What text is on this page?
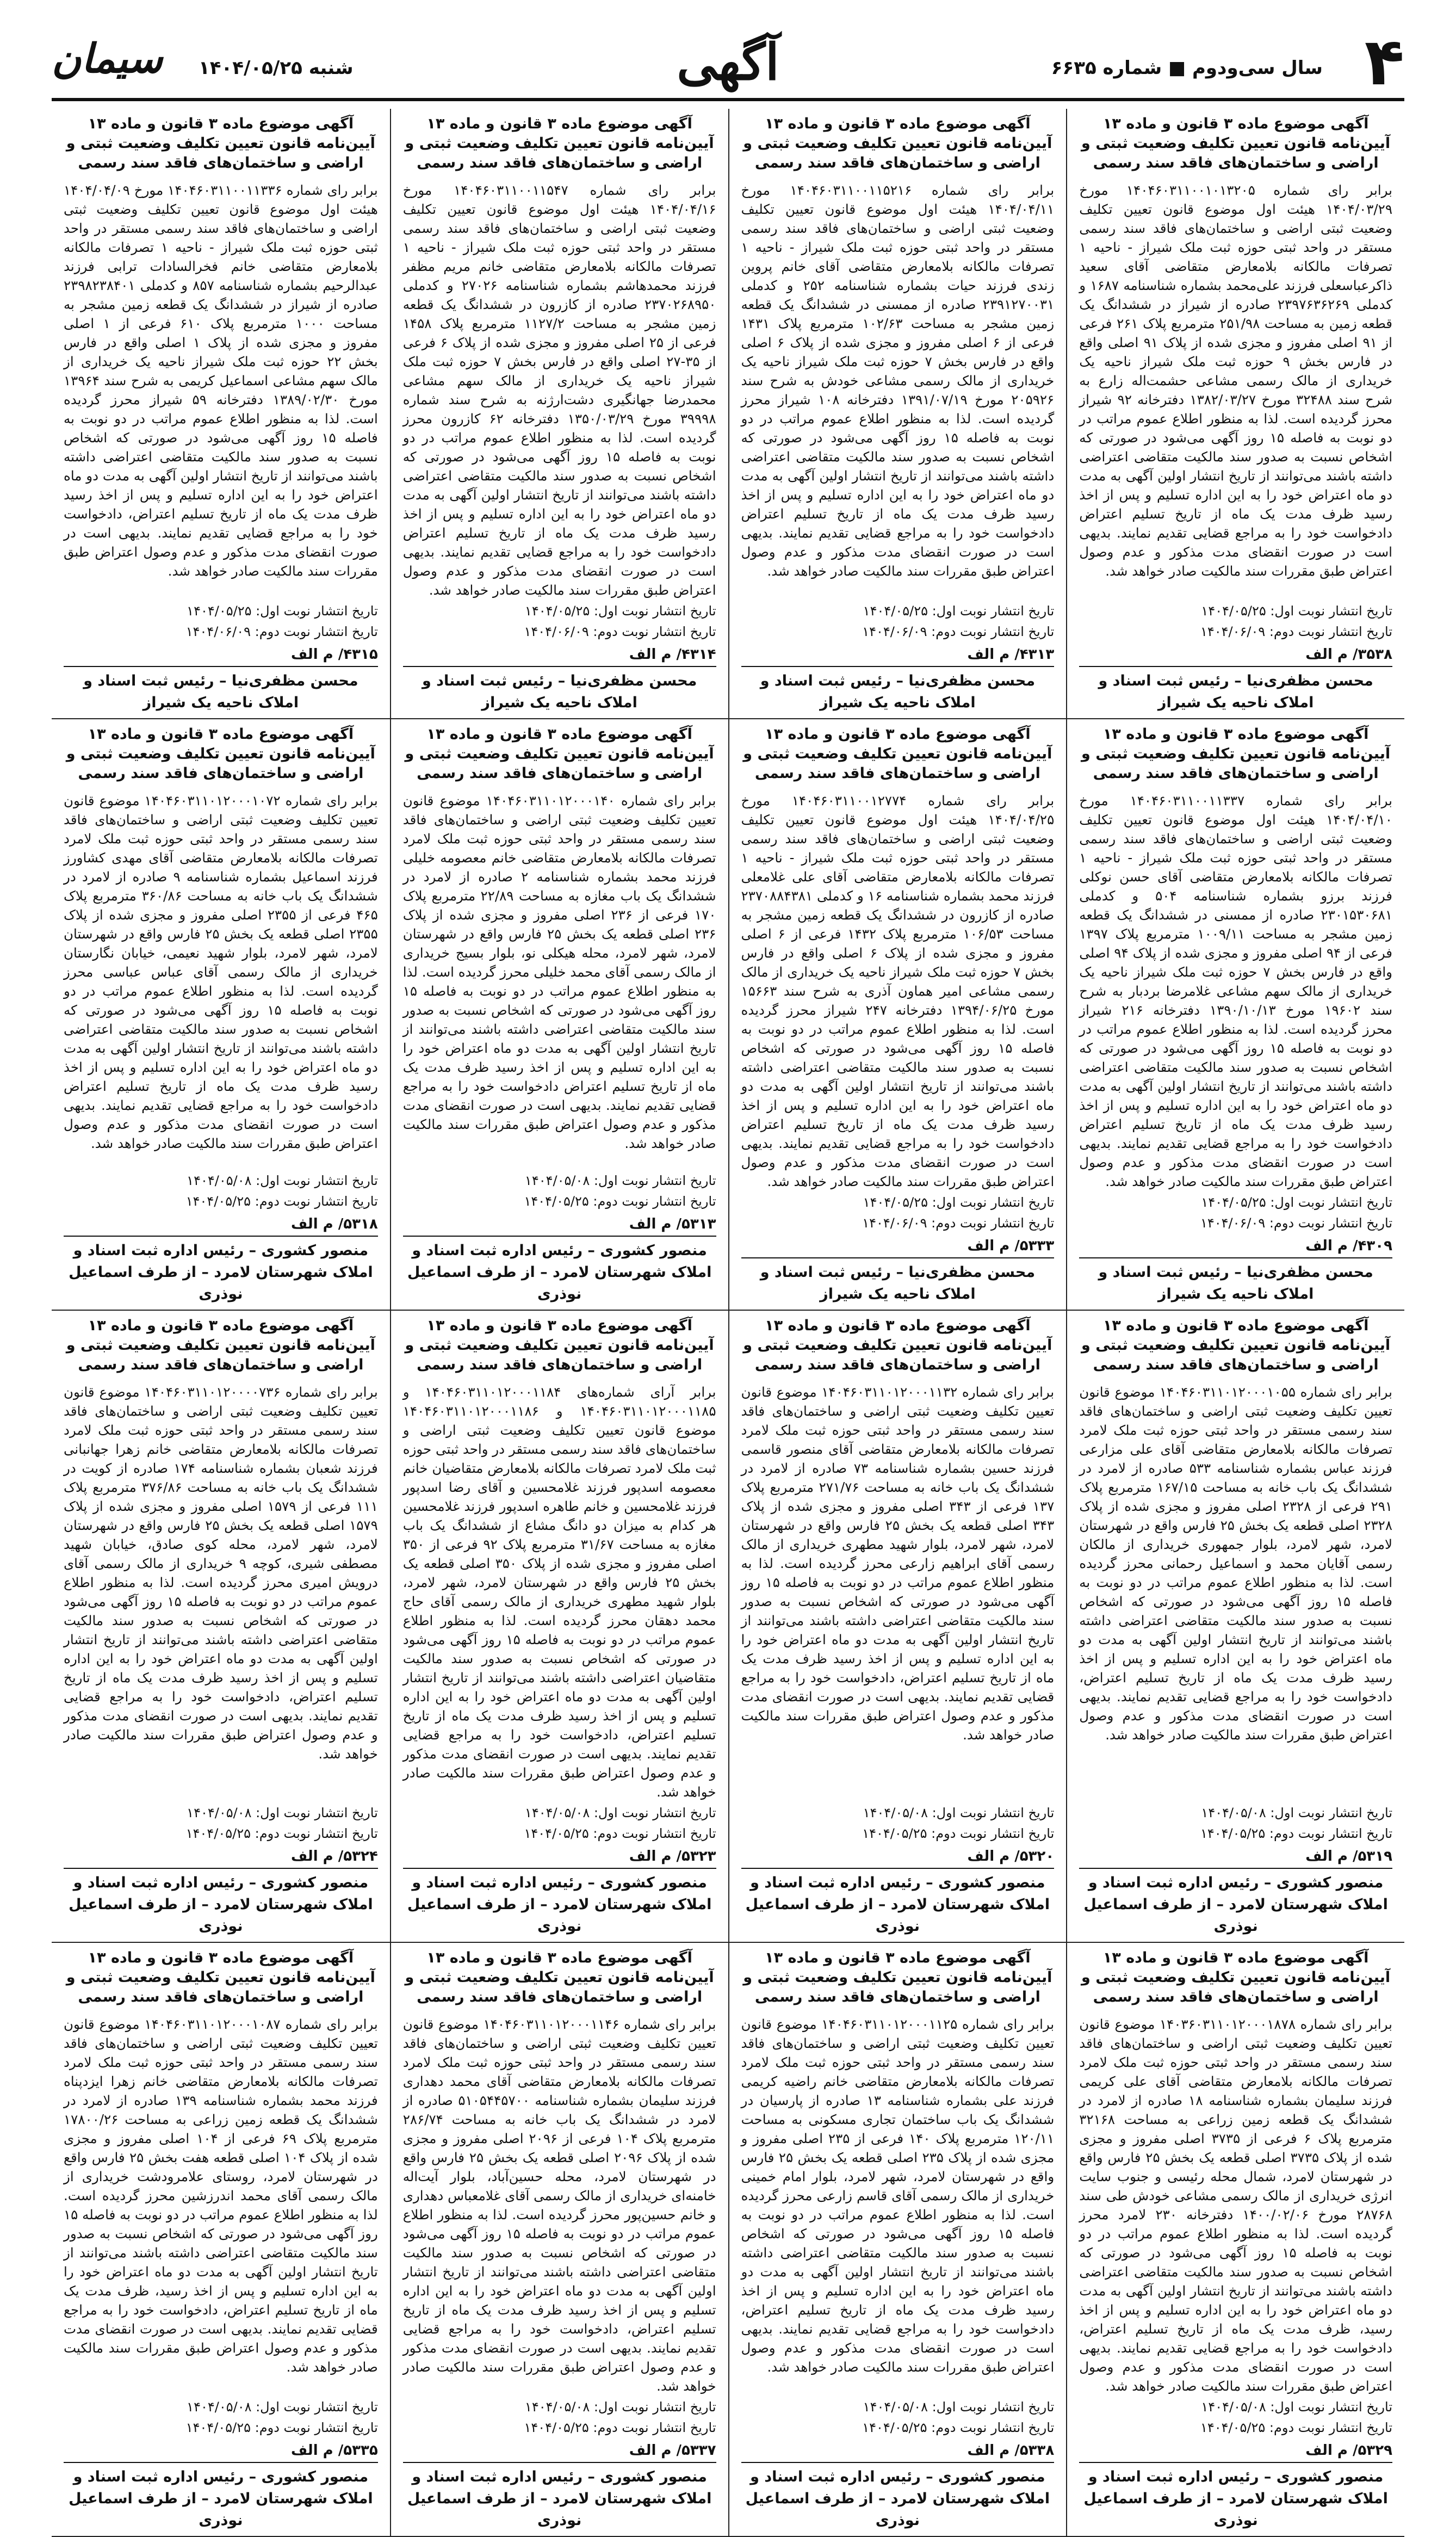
۴
سال سی‌ودوم ■ شماره ۶۶۳۵
آگهی
شنبه ۱۴۰۴/۰۵/۲۵
سیمان
آگهی موضوع ماده ۳ قانون و ماده ۱۳ آیین‌نامه قانون تعیین تکلیف وضعیت ثبتی و اراضی و ساختمان‌های فاقد سند رسمی
برابر رای شماره ۱۴۰۴۶۰۳۱۱۰۰۱۰۱۳۲۰۵ مورخ ۱۴۰۴/۰۳/۲۹ هیئت اول موضوع قانون تعیین تکلیف وضعیت ثبتی اراضی و ساختمان‌های فاقد سند رسمی مستقر در واحد ثبتی حوزه ثبت ملک شیراز - ناحیه ۱ تصرفات مالکانه بلامعارض متقاضی آقای سعید ذاکرعباسعلی فرزند علی‌محمد بشماره شناسنامه ۱۶۸۷ و کدملی ۲۳۹۷۶۳۶۲۶۹ صادره از شیراز در ششدانگ یک قطعه زمین به مساحت ۲۵۱/۹۸ مترمربع پلاک ۲۶۱ فرعی از ۹۱ اصلی مفروز و مجزی شده از پلاک ۹۱ اصلی واقع در فارس بخش ۹ حوزه ثبت ملک شیراز ناحیه یک خریداری از مالک رسمی مشاعی حشمت‌اله زارع به شرح سند ۳۲۴۸۸ مورخ ۱۳۸۲/۰۳/۲۷ دفترخانه ۹۲ شیراز محرز گردیده است. لذا به منظور اطلاع عموم مراتب در دو نوبت به فاصله ۱۵ روز آگهی می‌شود در صورتی که اشخاص نسبت به صدور سند مالکیت متقاضی اعتراضی داشته باشند می‌توانند از تاریخ انتشار اولین آگهی به مدت دو ماه اعتراض خود را به این اداره تسلیم و پس از اخذ رسید ظرف مدت یک ماه از تاریخ تسلیم اعتراض دادخواست خود را به مراجع قضایی تقدیم نمایند. بدیهی است در صورت انقضای مدت مذکور و عدم وصول اعتراض طبق مقررات سند مالکیت صادر خواهد شد.
تاریخ انتشار نوبت اول: ۱۴۰۴/۰۵/۲۵
تاریخ انتشار نوبت دوم: ۱۴۰۴/۰۶/۰۹
۳۵۳۸/ م الف
محسن مظفری‌نیا – رئیس ثبت اسناد و املاک ناحیه یک شیراز
آگهی موضوع ماده ۳ قانون و ماده ۱۳ آیین‌نامه قانون تعیین تکلیف وضعیت ثبتی و اراضی و ساختمان‌های فاقد سند رسمی
برابر رای شماره ۱۴۰۴۶۰۳۱۱۰۰۱۱۵۲۱۶ مورخ ۱۴۰۴/۰۴/۱۱ هیئت اول موضوع قانون تعیین تکلیف وضعیت ثبتی اراضی و ساختمان‌های فاقد سند رسمی مستقر در واحد ثبتی حوزه ثبت ملک شیراز - ناحیه ۱ تصرفات مالکانه بلامعارض متقاضی آقای خانم پروین زندی فرزند حیات بشماره شناسنامه ۲۵۲ و کدملی ۲۳۹۱۲۷۰۰۳۱ صادره از ممسنی در ششدانگ یک قطعه زمین مشجر به مساحت ۱۰۲/۶۳ مترمربع پلاک ۱۴۳۱ فرعی از ۶ اصلی مفروز و مجزی شده از پلاک ۶ اصلی واقع در فارس بخش ۷ حوزه ثبت ملک شیراز ناحیه یک خریداری از مالک رسمی مشاعی خودش به شرح سند ۲۰۵۹۲۶ مورخ ۱۳۹۱/۰۷/۱۹ دفترخانه ۱۰۸ شیراز محرز گردیده است. لذا به منظور اطلاع عموم مراتب در دو نوبت به فاصله ۱۵ روز آگهی می‌شود در صورتی که اشخاص نسبت به صدور سند مالکیت متقاضی اعتراضی داشته باشند می‌توانند از تاریخ انتشار اولین آگهی به مدت دو ماه اعتراض خود را به این اداره تسلیم و پس از اخذ رسید ظرف مدت یک ماه از تاریخ تسلیم اعتراض دادخواست خود را به مراجع قضایی تقدیم نمایند. بدیهی است در صورت انقضای مدت مذکور و عدم وصول اعتراض طبق مقررات سند مالکیت صادر خواهد شد.
تاریخ انتشار نوبت اول: ۱۴۰۴/۰۵/۲۵
تاریخ انتشار نوبت دوم: ۱۴۰۴/۰۶/۰۹
۴۳۱۳/ م الف
محسن مظفری‌نیا – رئیس ثبت اسناد و املاک ناحیه یک شیراز
آگهی موضوع ماده ۳ قانون و ماده ۱۳ آیین‌نامه قانون تعیین تکلیف وضعیت ثبتی و اراضی و ساختمان‌های فاقد سند رسمی
برابر رای شماره ۱۴۰۴۶۰۳۱۱۰۰۱۱۵۴۷ مورخ ۱۴۰۴/۰۴/۱۶ هیئت اول موضوع قانون تعیین تکلیف وضعیت ثبتی اراضی و ساختمان‌های فاقد سند رسمی مستقر در واحد ثبتی حوزه ثبت ملک شیراز - ناحیه ۱ تصرفات مالکانه بلامعارض متقاضی خانم مریم مظفر فرزند محمدهاشم بشماره شناسنامه ۲۷۰۲۶ و کدملی ۲۳۷۰۲۶۸۹۵۰ صادره از کازرون در ششدانگ یک قطعه زمین مشجر به مساحت ۱۱۲۷/۲ مترمربع پلاک ۱۴۵۸ فرعی از ۲۵ اصلی مفروز و مجزی شده از پلاک ۶ فرعی از ۳۵-۲۷ اصلی واقع در فارس بخش ۷ حوزه ثبت ملک شیراز ناحیه یک خریداری از مالک سهم مشاعی محمدرضا جهانگیری دشت‌ارژنه به شرح سند شماره ۳۹۹۹۸ مورخ ۱۳۵۰/۰۳/۲۹ دفترخانه ۶۲ کازرون محرز گردیده است. لذا به منظور اطلاع عموم مراتب در دو نوبت به فاصله ۱۵ روز آگهی می‌شود در صورتی که اشخاص نسبت به صدور سند مالکیت متقاضی اعتراضی داشته باشند می‌توانند از تاریخ انتشار اولین آگهی به مدت دو ماه اعتراض خود را به این اداره تسلیم و پس از اخذ رسید ظرف مدت یک ماه از تاریخ تسلیم اعتراض دادخواست خود را به مراجع قضایی تقدیم نمایند. بدیهی است در صورت انقضای مدت مذکور و عدم وصول اعتراض طبق مقررات سند مالکیت صادر خواهد شد.
تاریخ انتشار نوبت اول: ۱۴۰۴/۰۵/۲۵
تاریخ انتشار نوبت دوم: ۱۴۰۴/۰۶/۰۹
۴۳۱۴/ م الف
محسن مظفری‌نیا – رئیس ثبت اسناد و املاک ناحیه یک شیراز
آگهی موضوع ماده ۳ قانون و ماده ۱۳ آیین‌نامه قانون تعیین تکلیف وضعیت ثبتی و اراضی و ساختمان‌های فاقد سند رسمی
برابر رای شماره ۱۴۰۴۶۰۳۱۱۰۰۱۱۳۳۶ مورخ ۱۴۰۴/۰۴/۰۹ هیئت اول موضوع قانون تعیین تکلیف وضعیت ثبتی اراضی و ساختمان‌های فاقد سند رسمی مستقر در واحد ثبتی حوزه ثبت ملک شیراز - ناحیه ۱ تصرفات مالکانه بلامعارض متقاضی خانم فخرالسادات ترابی فرزند عبدالرحیم بشماره شناسنامه ۸۵۷ و کدملی ۲۳۹۸۲۳۸۴۰۱ صادره از شیراز در ششدانگ یک قطعه زمین مشجر به مساحت ۱۰۰۰ مترمربع پلاک ۶۱۰ فرعی از ۱ اصلی مفروز و مجزی شده از پلاک ۱ اصلی واقع در فارس بخش ۲۲ حوزه ثبت ملک شیراز ناحیه یک خریداری از مالک سهم مشاعی اسماعیل کریمی به شرح سند ۱۳۹۶۴ مورخ ۱۳۸۹/۰۲/۳۰ دفترخانه ۵۹ شیراز محرز گردیده است. لذا به منظور اطلاع عموم مراتب در دو نوبت به فاصله ۱۵ روز آگهی می‌شود در صورتی که اشخاص نسبت به صدور سند مالکیت متقاضی اعتراضی داشته باشند می‌توانند از تاریخ انتشار اولین آگهی به مدت دو ماه اعتراض خود را به این اداره تسلیم و پس از اخذ رسید ظرف مدت یک ماه از تاریخ تسلیم اعتراض، دادخواست خود را به مراجع قضایی تقدیم نمایند. بدیهی است در صورت انقضای مدت مذکور و عدم وصول اعتراض طبق مقررات سند مالکیت صادر خواهد شد.
تاریخ انتشار نوبت اول: ۱۴۰۴/۰۵/۲۵
تاریخ انتشار نوبت دوم: ۱۴۰۴/۰۶/۰۹
۴۳۱۵/ م الف
محسن مظفری‌نیا – رئیس ثبت اسناد و املاک ناحیه یک شیراز
آگهی موضوع ماده ۳ قانون و ماده ۱۳ آیین‌نامه قانون تعیین تکلیف وضعیت ثبتی و اراضی و ساختمان‌های فاقد سند رسمی
برابر رای شماره ۱۴۰۴۶۰۳۱۱۰۰۱۱۳۳۷ مورخ ۱۴۰۴/۰۴/۱۰ هیئت اول موضوع قانون تعیین تکلیف وضعیت ثبتی اراضی و ساختمان‌های فاقد سند رسمی مستقر در واحد ثبتی حوزه ثبت ملک شیراز - ناحیه ۱ تصرفات مالکانه بلامعارض متقاضی آقای حسن نوکلی فرزند برزو بشماره شناسنامه ۵۰۴ و کدملی ۲۳۰۱۵۳۰۶۸۱ صادره از ممسنی در ششدانگ یک قطعه زمین مشجر به مساحت ۱۰۰۹/۱۱ مترمربع پلاک ۱۳۹۷ فرعی از ۹۴ اصلی مفروز و مجزی شده از پلاک ۹۴ اصلی واقع در فارس بخش ۷ حوزه ثبت ملک شیراز ناحیه یک خریداری از مالک سهم مشاعی غلامرضا بردبار به شرح سند ۱۹۶۰۲ مورخ ۱۳۹۰/۱۰/۱۳ دفترخانه ۲۱۶ شیراز محرز گردیده است. لذا به منظور اطلاع عموم مراتب در دو نوبت به فاصله ۱۵ روز آگهی می‌شود در صورتی که اشخاص نسبت به صدور سند مالکیت متقاضی اعتراضی داشته باشند می‌توانند از تاریخ انتشار اولین آگهی به مدت دو ماه اعتراض خود را به این اداره تسلیم و پس از اخذ رسید ظرف مدت یک ماه از تاریخ تسلیم اعتراض دادخواست خود را به مراجع قضایی تقدیم نمایند. بدیهی است در صورت انقضای مدت مذکور و عدم وصول اعتراض طبق مقررات سند مالکیت صادر خواهد شد.
تاریخ انتشار نوبت اول: ۱۴۰۴/۰۵/۲۵
تاریخ انتشار نوبت دوم: ۱۴۰۴/۰۶/۰۹
۴۳۰۹/ م الف
محسن مظفری‌نیا – رئیس ثبت اسناد و املاک ناحیه یک شیراز
آگهی موضوع ماده ۳ قانون و ماده ۱۳ آیین‌نامه قانون تعیین تکلیف وضعیت ثبتی و اراضی و ساختمان‌های فاقد سند رسمی
برابر رای شماره ۱۴۰۴۶۰۳۱۱۰۰۱۲۷۷۴ مورخ ۱۴۰۴/۰۴/۲۵ هیئت اول موضوع قانون تعیین تکلیف وضعیت ثبتی اراضی و ساختمان‌های فاقد سند رسمی مستقر در واحد ثبتی حوزه ثبت ملک شیراز - ناحیه ۱ تصرفات مالکانه بلامعارض متقاضی آقای علی غلامعلی فرزند محمد بشماره شناسنامه ۱۶ و کدملی ۲۳۷۰۸۸۴۳۸۱ صادره از کازرون در ششدانگ یک قطعه زمین مشجر به مساحت ۱۰۶/۵۳ مترمربع پلاک ۱۴۳۲ فرعی از ۶ اصلی مفروز و مجزی شده از پلاک ۶ اصلی واقع در فارس بخش ۷ حوزه ثبت ملک شیراز ناحیه یک خریداری از مالک رسمی مشاعی امیر هماون آذری به شرح سند ۱۵۶۶۳ مورخ ۱۳۹۴/۰۶/۲۵ دفترخانه ۲۴۷ شیراز محرز گردیده است. لذا به منظور اطلاع عموم مراتب در دو نوبت به فاصله ۱۵ روز آگهی می‌شود در صورتی که اشخاص نسبت به صدور سند مالکیت متقاضی اعتراضی داشته باشند می‌توانند از تاریخ انتشار اولین آگهی به مدت دو ماه اعتراض خود را به این اداره تسلیم و پس از اخذ رسید ظرف مدت یک ماه از تاریخ تسلیم اعتراض دادخواست خود را به مراجع قضایی تقدیم نمایند. بدیهی است در صورت انقضای مدت مذکور و عدم وصول اعتراض طبق مقررات سند مالکیت صادر خواهد شد.
تاریخ انتشار نوبت اول: ۱۴۰۴/۰۵/۲۵
تاریخ انتشار نوبت دوم: ۱۴۰۴/۰۶/۰۹
۵۳۳۳/ م الف
محسن مظفری‌نیا – رئیس ثبت اسناد و املاک ناحیه یک شیراز
آگهی موضوع ماده ۳ قانون و ماده ۱۳ آیین‌نامه قانون تعیین تکلیف وضعیت ثبتی و اراضی و ساختمان‌های فاقد سند رسمی
برابر رای شماره ۱۴۰۴۶۰۳۱۱۰۱۲۰۰۰۱۴۰ موضوع قانون تعیین تکلیف وضعیت ثبتی اراضی و ساختمان‌های فاقد سند رسمی مستقر در واحد ثبتی حوزه ثبت ملک لامرد تصرفات مالکانه بلامعارض متقاضی خانم معصومه خلیلی فرزند محمد بشماره شناسنامه ۲ صادره از لامرد در ششدانگ یک باب مغازه به مساحت ۲۲/۸۹ مترمربع پلاک ۱۷۰ فرعی از ۲۳۶ اصلی مفروز و مجزی شده از پلاک ۲۳۶ اصلی قطعه یک بخش ۲۵ فارس واقع در شهرستان لامرد، شهر لامرد، محله هیکلی نو، بلوار بسیج خریداری از مالک رسمی آقای محمد خلیلی محرز گردیده است. لذا به منظور اطلاع عموم مراتب در دو نوبت به فاصله ۱۵ روز آگهی می‌شود در صورتی که اشخاص نسبت به صدور سند مالکیت متقاضی اعتراضی داشته باشند می‌توانند از تاریخ انتشار اولین آگهی به مدت دو ماه اعتراض خود را به این اداره تسلیم و پس از اخذ رسید ظرف مدت یک ماه از تاریخ تسلیم اعتراض دادخواست خود را به مراجع قضایی تقدیم نمایند. بدیهی است در صورت انقضای مدت مذکور و عدم وصول اعتراض طبق مقررات سند مالکیت صادر خواهد شد.
تاریخ انتشار نوبت اول: ۱۴۰۴/۰۵/۰۸
تاریخ انتشار نوبت دوم: ۱۴۰۴/۰۵/۲۵
۵۳۱۳/ م الف
منصور کشوری – رئیس اداره ثبت اسناد و املاک شهرستان لامرد – از طرف اسماعیل نوذری
آگهی موضوع ماده ۳ قانون و ماده ۱۳ آیین‌نامه قانون تعیین تکلیف وضعیت ثبتی و اراضی و ساختمان‌های فاقد سند رسمی
برابر رای شماره ۱۴۰۴۶۰۳۱۱۰۱۲۰۰۰۱۰۷۲ موضوع قانون تعیین تکلیف وضعیت ثبتی اراضی و ساختمان‌های فاقد سند رسمی مستقر در واحد ثبتی حوزه ثبت ملک لامرد تصرفات مالکانه بلامعارض متقاضی آقای مهدی کشاورز فرزند اسماعیل بشماره شناسنامه ۹ صادره از لامرد در ششدانگ یک باب خانه به مساحت ۳۶۰/۸۶ مترمربع پلاک ۴۶۵ فرعی از ۲۳۵۵ اصلی مفروز و مجزی شده از پلاک ۲۳۵۵ اصلی قطعه یک بخش ۲۵ فارس واقع در شهرستان لامرد، شهر لامرد، بلوار شهید نعیمی، خیابان نگارستان خریداری از مالک رسمی آقای عباس عباسی محرز گردیده است. لذا به منظور اطلاع عموم مراتب در دو نوبت به فاصله ۱۵ روز آگهی می‌شود در صورتی که اشخاص نسبت به صدور سند مالکیت متقاضی اعتراضی داشته باشند می‌توانند از تاریخ انتشار اولین آگهی به مدت دو ماه اعتراض خود را به این اداره تسلیم و پس از اخذ رسید ظرف مدت یک ماه از تاریخ تسلیم اعتراض دادخواست خود را به مراجع قضایی تقدیم نمایند. بدیهی است در صورت انقضای مدت مذکور و عدم وصول اعتراض طبق مقررات سند مالکیت صادر خواهد شد.
تاریخ انتشار نوبت اول: ۱۴۰۴/۰۵/۰۸
تاریخ انتشار نوبت دوم: ۱۴۰۴/۰۵/۲۵
۵۳۱۸/ م الف
منصور کشوری – رئیس اداره ثبت اسناد و املاک شهرستان لامرد – از طرف اسماعیل نوذری
آگهی موضوع ماده ۳ قانون و ماده ۱۳ آیین‌نامه قانون تعیین تکلیف وضعیت ثبتی و اراضی و ساختمان‌های فاقد سند رسمی
برابر رای شماره ۱۴۰۴۶۰۳۱۱۰۱۲۰۰۰۱۰۵۵ موضوع قانون تعیین تکلیف وضعیت ثبتی اراضی و ساختمان‌های فاقد سند رسمی مستقر در واحد ثبتی حوزه ثبت ملک لامرد تصرفات مالکانه بلامعارض متقاضی آقای علی مزارعی فرزند عباس بشماره شناسنامه ۵۳۳ صادره از لامرد در ششدانگ یک باب خانه به مساحت ۱۶۷/۱۵ مترمربع پلاک ۲۹۱ فرعی از ۲۳۲۸ اصلی مفروز و مجزی شده از پلاک ۲۳۲۸ اصلی قطعه یک بخش ۲۵ فارس واقع در شهرستان لامرد، شهر لامرد، بلوار جمهوری خریداری از مالکان رسمی آقایان محمد و اسماعیل رحمانی محرز گردیده است. لذا به منظور اطلاع عموم مراتب در دو نوبت به فاصله ۱۵ روز آگهی می‌شود در صورتی که اشخاص نسبت به صدور سند مالکیت متقاضی اعتراضی داشته باشند می‌توانند از تاریخ انتشار اولین آگهی به مدت دو ماه اعتراض خود را به این اداره تسلیم و پس از اخذ رسید ظرف مدت یک ماه از تاریخ تسلیم اعتراض، دادخواست خود را به مراجع قضایی تقدیم نمایند. بدیهی است در صورت انقضای مدت مذکور و عدم وصول اعتراض طبق مقررات سند مالکیت صادر خواهد شد.
تاریخ انتشار نوبت اول: ۱۴۰۴/۰۵/۰۸
تاریخ انتشار نوبت دوم: ۱۴۰۴/۰۵/۲۵
۵۳۱۹/ م الف
منصور کشوری – رئیس اداره ثبت اسناد و املاک شهرستان لامرد – از طرف اسماعیل نوذری
آگهی موضوع ماده ۳ قانون و ماده ۱۳ آیین‌نامه قانون تعیین تکلیف وضعیت ثبتی و اراضی و ساختمان‌های فاقد سند رسمی
برابر رای شماره ۱۴۰۴۶۰۳۱۱۰۱۲۰۰۰۱۱۳۲ موضوع قانون تعیین تکلیف وضعیت ثبتی اراضی و ساختمان‌های فاقد سند رسمی مستقر در واحد ثبتی حوزه ثبت ملک لامرد تصرفات مالکانه بلامعارض متقاضی آقای منصور قاسمی فرزند حسین بشماره شناسنامه ۷۳ صادره از لامرد در ششدانگ یک باب خانه به مساحت ۲۷۱/۷۶ مترمربع پلاک ۱۳۷ فرعی از ۳۴۳ اصلی مفروز و مجزی شده از پلاک ۳۴۳ اصلی قطعه یک بخش ۲۵ فارس واقع در شهرستان لامرد، شهر لامرد، بلوار شهید مطهری خریداری از مالک رسمی آقای ابراهیم زارعی محرز گردیده است. لذا به منظور اطلاع عموم مراتب در دو نوبت به فاصله ۱۵ روز آگهی می‌شود در صورتی که اشخاص نسبت به صدور سند مالکیت متقاضی اعتراضی داشته باشند می‌توانند از تاریخ انتشار اولین آگهی به مدت دو ماه اعتراض خود را به این اداره تسلیم و پس از اخذ رسید ظرف مدت یک ماه از تاریخ تسلیم اعتراض، دادخواست خود را به مراجع قضایی تقدیم نمایند. بدیهی است در صورت انقضای مدت مذکور و عدم وصول اعتراض طبق مقررات سند مالکیت صادر خواهد شد.
تاریخ انتشار نوبت اول: ۱۴۰۴/۰۵/۰۸
تاریخ انتشار نوبت دوم: ۱۴۰۴/۰۵/۲۵
۵۳۲۰/ م الف
منصور کشوری – رئیس اداره ثبت اسناد و املاک شهرستان لامرد – از طرف اسماعیل نوذری
آگهی موضوع ماده ۳ قانون و ماده ۱۳ آیین‌نامه قانون تعیین تکلیف وضعیت ثبتی و اراضی و ساختمان‌های فاقد سند رسمی
برابر آرای شماره‌های ۱۴۰۴۶۰۳۱۱۰۱۲۰۰۰۱۱۸۴ و ۱۴۰۴۶۰۳۱۱۰۱۲۰۰۰۱۱۸۵ و ۱۴۰۴۶۰۳۱۱۰۱۲۰۰۰۱۱۸۶ موضوع قانون تعیین تکلیف وضعیت ثبتی اراضی و ساختمان‌های فاقد سند رسمی مستقر در واحد ثبتی حوزه ثبت ملک لامرد تصرفات مالکانه بلامعارض متقاضیان خانم معصومه اسدپور فرزند غلامحسین و آقای رضا اسدپور فرزند غلامحسین و خانم طاهره اسدپور فرزند غلامحسین هر کدام به میزان دو دانگ مشاع از ششدانگ یک باب مغازه به مساحت ۳۱/۶۷ مترمربع پلاک ۹۲ فرعی از ۳۵۰ اصلی مفروز و مجزی شده از پلاک ۳۵۰ اصلی قطعه یک بخش ۲۵ فارس واقع در شهرستان لامرد، شهر لامرد، بلوار شهید مطهری خریداری از مالک رسمی آقای حاج محمد دهقان محرز گردیده است. لذا به منظور اطلاع عموم مراتب در دو نوبت به فاصله ۱۵ روز آگهی می‌شود در صورتی که اشخاص نسبت به صدور سند مالکیت متقاضیان اعتراضی داشته باشند می‌توانند از تاریخ انتشار اولین آگهی به مدت دو ماه اعتراض خود را به این اداره تسلیم و پس از اخذ رسید ظرف مدت یک ماه از تاریخ تسلیم اعتراض، دادخواست خود را به مراجع قضایی تقدیم نمایند. بدیهی است در صورت انقضای مدت مذکور و عدم وصول اعتراض طبق مقررات سند مالکیت صادر خواهد شد.
تاریخ انتشار نوبت اول: ۱۴۰۴/۰۵/۰۸
تاریخ انتشار نوبت دوم: ۱۴۰۴/۰۵/۲۵
۵۳۲۳/ م الف
منصور کشوری – رئیس اداره ثبت اسناد و املاک شهرستان لامرد – از طرف اسماعیل نوذری
آگهی موضوع ماده ۳ قانون و ماده ۱۳ آیین‌نامه قانون تعیین تکلیف وضعیت ثبتی و اراضی و ساختمان‌های فاقد سند رسمی
برابر رای شماره ۱۴۰۴۶۰۳۱۱۰۱۲۰۰۰۰۷۳۶ موضوع قانون تعیین تکلیف وضعیت ثبتی اراضی و ساختمان‌های فاقد سند رسمی مستقر در واحد ثبتی حوزه ثبت ملک لامرد تصرفات مالکانه بلامعارض متقاضی خانم زهرا جهانبانی فرزند شعبان بشماره شناسنامه ۱۷۴ صادره از کویت در ششدانگ یک باب خانه به مساحت ۳۷۶/۸۶ مترمربع پلاک ۱۱۱ فرعی از ۱۵۷۹ اصلی مفروز و مجزی شده از پلاک ۱۵۷۹ اصلی قطعه یک بخش ۲۵ فارس واقع در شهرستان لامرد، شهر لامرد، محله کوی صادق، خیابان شهید مصطفی شیری، کوچه ۹ خریداری از مالک رسمی آقای درویش امیری محرز گردیده است. لذا به منظور اطلاع عموم مراتب در دو نوبت به فاصله ۱۵ روز آگهی می‌شود در صورتی که اشخاص نسبت به صدور سند مالکیت متقاضی اعتراضی داشته باشند می‌توانند از تاریخ انتشار اولین آگهی به مدت دو ماه اعتراض خود را به این اداره تسلیم و پس از اخذ رسید ظرف مدت یک ماه از تاریخ تسلیم اعتراض، دادخواست خود را به مراجع قضایی تقدیم نمایند. بدیهی است در صورت انقضای مدت مذکور و عدم وصول اعتراض طبق مقررات سند مالکیت صادر خواهد شد.
تاریخ انتشار نوبت اول: ۱۴۰۴/۰۵/۰۸
تاریخ انتشار نوبت دوم: ۱۴۰۴/۰۵/۲۵
۵۳۲۴/ م الف
منصور کشوری – رئیس اداره ثبت اسناد و املاک شهرستان لامرد – از طرف اسماعیل نوذری
آگهی موضوع ماده ۳ قانون و ماده ۱۳ آیین‌نامه قانون تعیین تکلیف وضعیت ثبتی و اراضی و ساختمان‌های فاقد سند رسمی
برابر رای شماره ۱۴۰۳۶۰۳۱۱۰۱۲۰۰۰۱۸۷۸ موضوع قانون تعیین تکلیف وضعیت ثبتی اراضی و ساختمان‌های فاقد سند رسمی مستقر در واحد ثبتی حوزه ثبت ملک لامرد تصرفات مالکانه بلامعارض متقاضی آقای علی کریمی فرزند سلیمان بشماره شناسنامه ۱۸ صادره از لامرد در ششدانگ یک قطعه زمین زراعی به مساحت ۳۲۱۶۸ مترمربع پلاک ۶ فرعی از ۳۷۳۵ اصلی مفروز و مجزی شده از پلاک ۳۷۳۵ اصلی قطعه یک بخش ۲۵ فارس واقع در شهرستان لامرد، شمال محله رئیسی و جنوب سایت انرژی خریداری از مالک رسمی مشاعی خودش طی سند ۲۸۷۶۸ مورخ ۱۴۰۰/۰۲/۰۶ دفترخانه ۲۳۰ لامرد محرز گردیده است. لذا به منظور اطلاع عموم مراتب در دو نوبت به فاصله ۱۵ روز آگهی می‌شود در صورتی که اشخاص نسبت به صدور سند مالکیت متقاضی اعتراضی داشته باشند می‌توانند از تاریخ انتشار اولین آگهی به مدت دو ماه اعتراض خود را به این اداره تسلیم و پس از اخذ رسید، ظرف مدت یک ماه از تاریخ تسلیم اعتراض، دادخواست خود را به مراجع قضایی تقدیم نمایند. بدیهی است در صورت انقضای مدت مذکور و عدم وصول اعتراض طبق مقررات سند مالکیت صادر خواهد شد.
تاریخ انتشار نوبت اول: ۱۴۰۴/۰۵/۰۸
تاریخ انتشار نوبت دوم: ۱۴۰۴/۰۵/۲۵
۵۳۲۹/ م الف
منصور کشوری – رئیس اداره ثبت اسناد و املاک شهرستان لامرد – از طرف اسماعیل نوذری
آگهی موضوع ماده ۳ قانون و ماده ۱۳ آیین‌نامه قانون تعیین تکلیف وضعیت ثبتی و اراضی و ساختمان‌های فاقد سند رسمی
برابر رای شماره ۱۴۰۴۶۰۳۱۱۰۱۲۰۰۰۱۱۲۵ موضوع قانون تعیین تکلیف وضعیت ثبتی اراضی و ساختمان‌های فاقد سند رسمی مستقر در واحد ثبتی حوزه ثبت ملک لامرد تصرفات مالکانه بلامعارض متقاضی خانم راضیه کریمی فرزند علی بشماره شناسنامه ۱۳ صادره از پارسیان در ششدانگ یک باب ساختمان تجاری مسکونی به مساحت ۱۲۰/۱۱ مترمربع پلاک ۱۴۰ فرعی از ۲۳۵ اصلی مفروز و مجزی شده از پلاک ۲۳۵ اصلی قطعه یک بخش ۲۵ فارس واقع در شهرستان لامرد، شهر لامرد، بلوار امام خمینی خریداری از مالک رسمی آقای قاسم زارعی محرز گردیده است. لذا به منظور اطلاع عموم مراتب در دو نوبت به فاصله ۱۵ روز آگهی می‌شود در صورتی که اشخاص نسبت به صدور سند مالکیت متقاضی اعتراضی داشته باشند می‌توانند از تاریخ انتشار اولین آگهی به مدت دو ماه اعتراض خود را به این اداره تسلیم و پس از اخذ رسید ظرف مدت یک ماه از تاریخ تسلیم اعتراض، دادخواست خود را به مراجع قضایی تقدیم نمایند. بدیهی است در صورت انقضای مدت مذکور و عدم وصول اعتراض طبق مقررات سند مالکیت صادر خواهد شد.
تاریخ انتشار نوبت اول: ۱۴۰۴/۰۵/۰۸
تاریخ انتشار نوبت دوم: ۱۴۰۴/۰۵/۲۵
۵۳۳۸/ م الف
منصور کشوری – رئیس اداره ثبت اسناد و املاک شهرستان لامرد – از طرف اسماعیل نوذری
آگهی موضوع ماده ۳ قانون و ماده ۱۳ آیین‌نامه قانون تعیین تکلیف وضعیت ثبتی و اراضی و ساختمان‌های فاقد سند رسمی
برابر رای شماره ۱۴۰۴۶۰۳۱۱۰۱۲۰۰۰۱۱۴۶ موضوع قانون تعیین تکلیف وضعیت ثبتی اراضی و ساختمان‌های فاقد سند رسمی مستقر در واحد ثبتی حوزه ثبت ملک لامرد تصرفات مالکانه بلامعارض متقاضی آقای محمد دهداری فرزند سلیمان بشماره شناسنامه ۵۱۰۵۴۴۵۷۰۰ صادره از لامرد در ششدانگ یک باب خانه به مساحت ۲۸۶/۷۴ مترمربع پلاک ۱۰۴ فرعی از ۲۰۹۶ اصلی مفروز و مجزی شده از پلاک ۲۰۹۶ اصلی قطعه یک بخش ۲۵ فارس واقع در شهرستان لامرد، محله حسین‌آباد، بلوار آیت‌اله خامنه‌ای خریداری از مالک رسمی آقای غلامعباس دهداری و خانم حسین‌پور محرز گردیده است. لذا به منظور اطلاع عموم مراتب در دو نوبت به فاصله ۱۵ روز آگهی می‌شود در صورتی که اشخاص نسبت به صدور سند مالکیت متقاضی اعتراضی داشته باشند می‌توانند از تاریخ انتشار اولین آگهی به مدت دو ماه اعتراض خود را به این اداره تسلیم و پس از اخذ رسید ظرف مدت یک ماه از تاریخ تسلیم اعتراض، دادخواست خود را به مراجع قضایی تقدیم نمایند. بدیهی است در صورت انقضای مدت مذکور و عدم وصول اعتراض طبق مقررات سند مالکیت صادر خواهد شد.
تاریخ انتشار نوبت اول: ۱۴۰۴/۰۵/۰۸
تاریخ انتشار نوبت دوم: ۱۴۰۴/۰۵/۲۵
۵۳۳۷/ م الف
منصور کشوری – رئیس اداره ثبت اسناد و املاک شهرستان لامرد – از طرف اسماعیل نوذری
آگهی موضوع ماده ۳ قانون و ماده ۱۳ آیین‌نامه قانون تعیین تکلیف وضعیت ثبتی و اراضی و ساختمان‌های فاقد سند رسمی
برابر رای شماره ۱۴۰۴۶۰۳۱۱۰۱۲۰۰۰۱۰۸۷ موضوع قانون تعیین تکلیف وضعیت ثبتی اراضی و ساختمان‌های فاقد سند رسمی مستقر در واحد ثبتی حوزه ثبت ملک لامرد تصرفات مالکانه بلامعارض متقاضی خانم زهرا ایزدپناه فرزند محمد بشماره شناسنامه ۱۳۹ صادره از لامرد در ششدانگ یک قطعه زمین زراعی به مساحت ۱۷۸۰۰/۲۶ مترمربع پلاک ۶۹ فرعی از ۱۰۴ اصلی مفروز و مجزی شده از پلاک ۱۰۴ اصلی قطعه هفت بخش ۲۵ فارس واقع در شهرستان لامرد، روستای علامرودشت خریداری از مالک رسمی آقای محمد اندرزشین محرز گردیده است. لذا به منظور اطلاع عموم مراتب در دو نوبت به فاصله ۱۵ روز آگهی می‌شود در صورتی که اشخاص نسبت به صدور سند مالکیت متقاضی اعتراضی داشته باشند می‌توانند از تاریخ انتشار اولین آگهی به مدت دو ماه اعتراض خود را به این اداره تسلیم و پس از اخذ رسید، ظرف مدت یک ماه از تاریخ تسلیم اعتراض، دادخواست خود را به مراجع قضایی تقدیم نمایند. بدیهی است در صورت انقضای مدت مذکور و عدم وصول اعتراض طبق مقررات سند مالکیت صادر خواهد شد.
تاریخ انتشار نوبت اول: ۱۴۰۴/۰۵/۰۸
تاریخ انتشار نوبت دوم: ۱۴۰۴/۰۵/۲۵
۵۳۳۵/ م الف
منصور کشوری – رئیس اداره ثبت اسناد و املاک شهرستان لامرد – از طرف اسماعیل نوذری
